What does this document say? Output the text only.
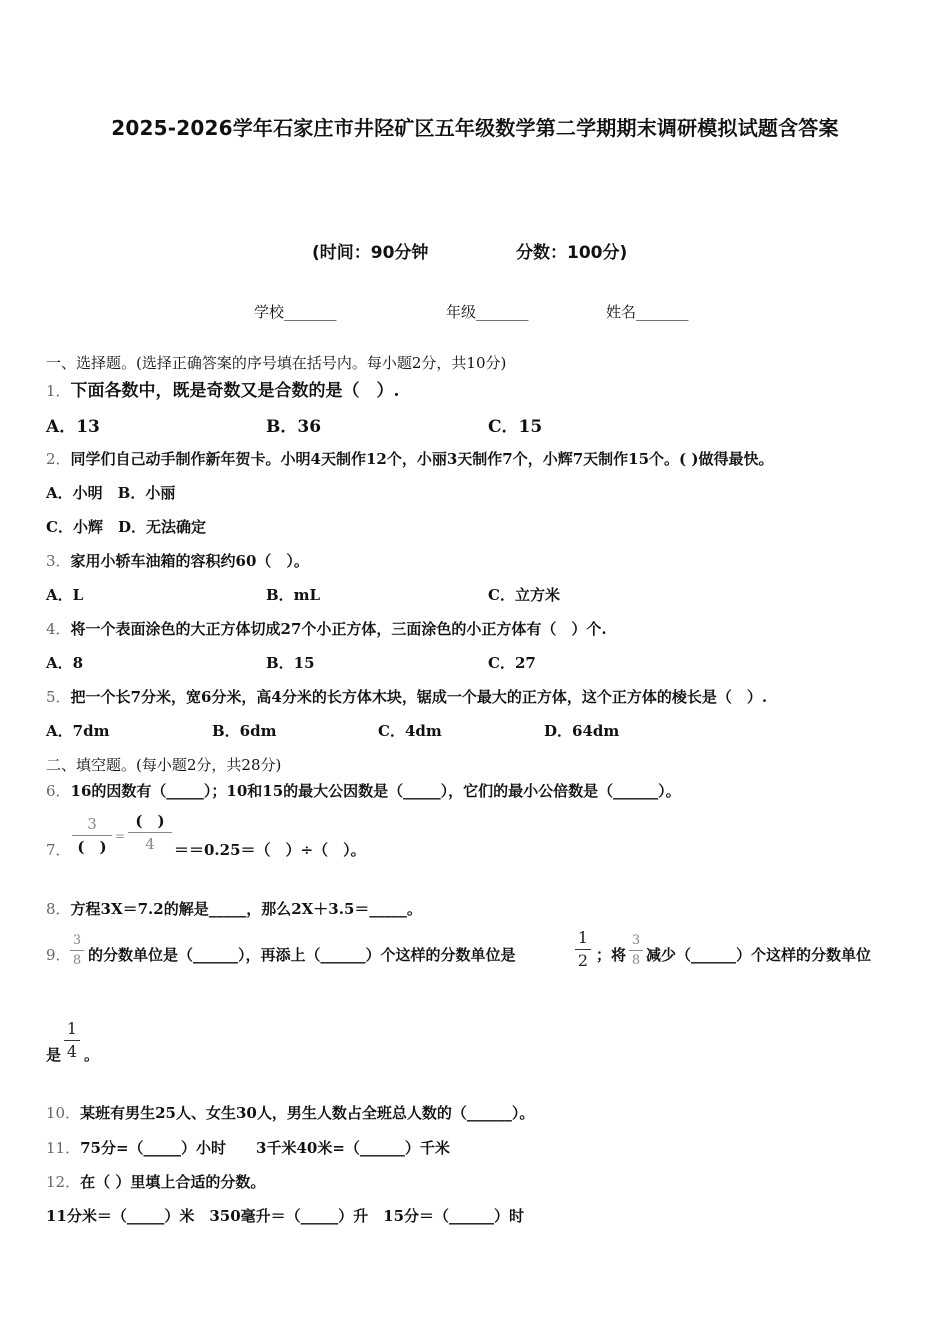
2025-2026学年石家庄市井陉矿区五年级数学第二学期期末调研模拟试题含答案
(时间：90分钟	分数：100分)
学校_______	年级_______	姓名_______
一、选择题。(选择正确答案的序号填在括号内。每小题2分，共10分)
1．下面各数中，既是奇数又是合数的是（　）.
A．13	B．36	C．15
2．同学们自己动手制作新年贺卡。小明4天制作12个，小丽3天制作7个，小辉7天制作15个。( )做得最快。
A．小明　B．小丽
C．小辉　D．无法确定
3．家用小轿车油箱的容积约60（　）。
A．L	B．mL	C．立方米
4．将一个表面涂色的大正方体切成27个小正方体，三面涂色的小正方体有（　）个.
A．8	B．15	C．27
5．把一个长7分米，宽6分米，高4分米的长方体木块，锯成一个最大的正方体，这个正方体的棱长是（　）.
A．7dm	B．6dm	C．4dm	D．64dm
二、填空题。(每小题2分，共28分)
6．16的因数有（_____）；10和15的最大公因数是（_____），它们的最小公倍数是（______）。
7．
3
(　)
=
(　)
4	＝＝0.25＝（　）÷（　）。
8．方程3X＝7.2的解是_____，那么2X＋3.5＝_____。
9．
3
8 的分数单位是（______），再添上（______）个这样的分数单位是
1
2 ；将
3
8 减少（______）个这样的分数单位
是
1
4 。
10．某班有男生25人、女生30人，男生人数占全班总人数的（______）。
11．75分=（_____）小时　　3千米40米=（______）千米
12．在（ ）里填上合适的分数。
11分米＝（_____）米　350毫升＝（_____）升　15分＝（______）时
